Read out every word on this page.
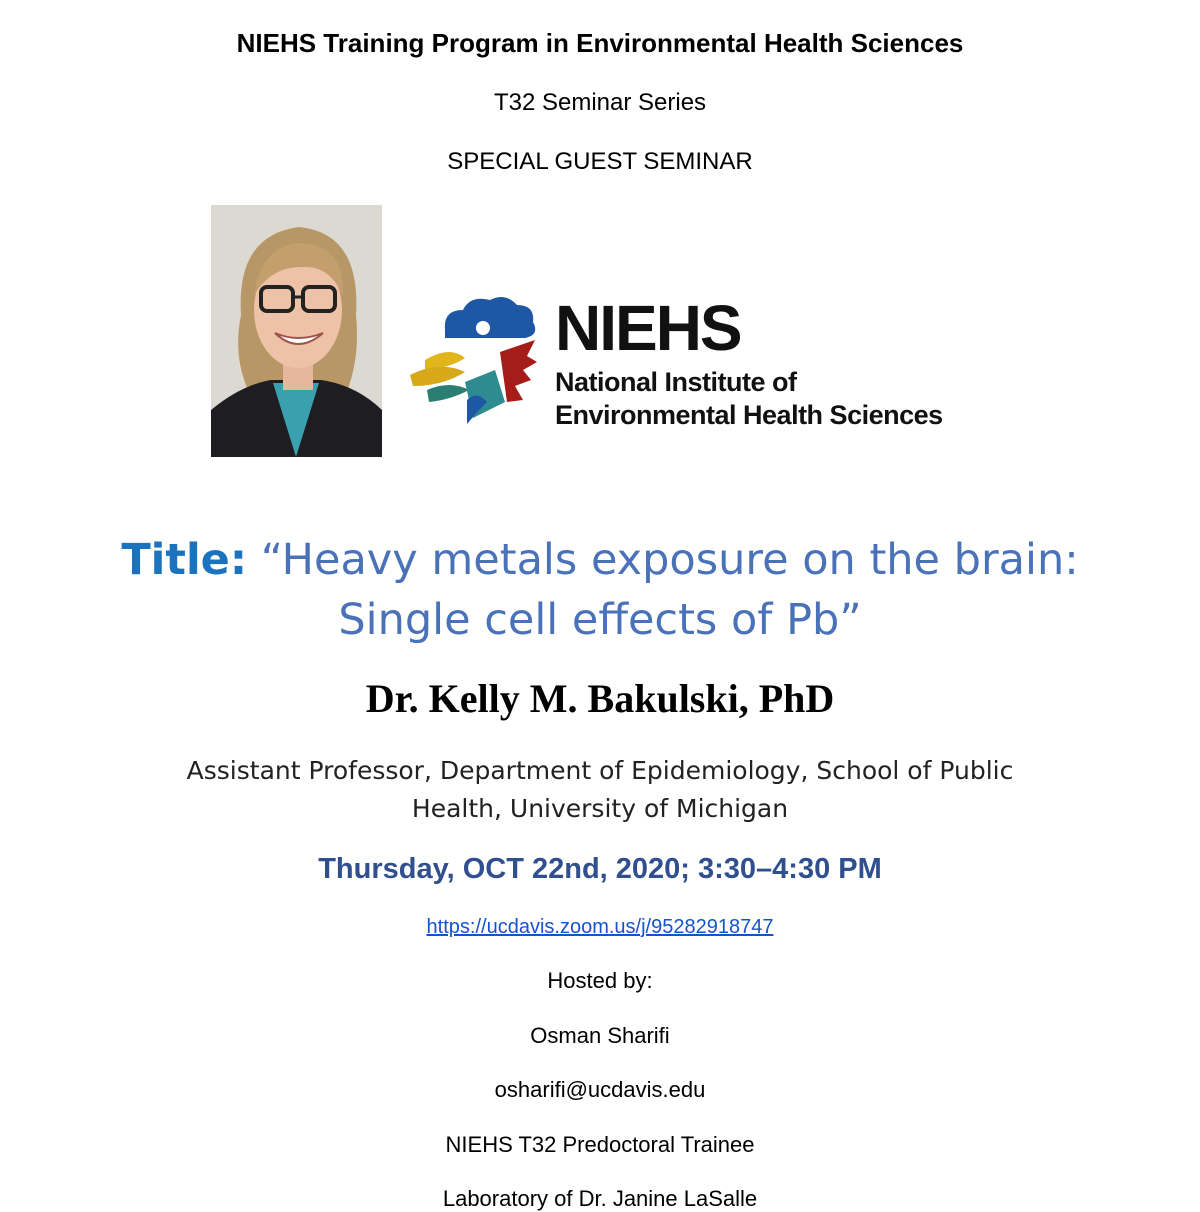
NIEHS Training Program in Environmental Health Sciences
T32 Seminar Series
SPECIAL GUEST SEMINAR
NIEHS
National Institute of
Environmental Health Sciences
Title: “Heavy metals exposure on the brain:
Single cell effects of Pb”
Dr. Kelly M. Bakulski, PhD
Assistant Professor, Department of Epidemiology, School of Public
Health, University of Michigan
Thursday, OCT 22nd, 2020; 3:30–4:30 PM
https://ucdavis.zoom.us/j/95282918747
Hosted by:
Osman Sharifi
osharifi@ucdavis.edu
NIEHS T32 Predoctoral Trainee
Laboratory of Dr. Janine LaSalle
